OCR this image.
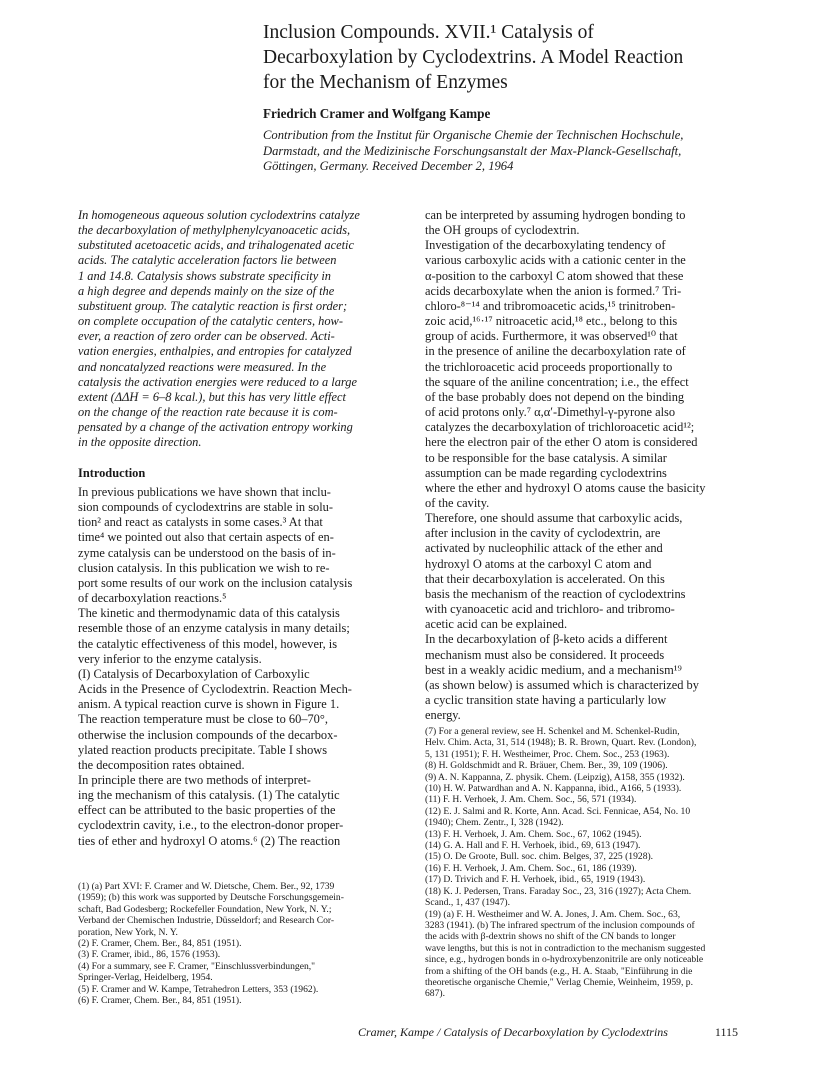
Inclusion Compounds. XVII.¹ Catalysis of
Decarboxylation by Cyclodextrins. A Model Reaction
for the Mechanism of Enzymes
Friedrich Cramer and Wolfgang Kampe
Contribution from the Institut für Organische Chemie der Technischen Hochschule,
Darmstadt, and the Medizinische Forschungsanstalt der Max-Planck-Gesellschaft,
Göttingen, Germany. Received December 2, 1964
In homogeneous aqueous solution cyclodextrins catalyze
the decarboxylation of methylphenylcyanoacetic acids,
substituted acetoacetic acids, and trihalogenated acetic
acids. The catalytic acceleration factors lie between
1 and 14.8. Catalysis shows substrate specificity in
a high degree and depends mainly on the size of the
substituent group. The catalytic reaction is first order;
on complete occupation of the catalytic centers, how-
ever, a reaction of zero order can be observed. Acti-
vation energies, enthalpies, and entropies for catalyzed
and noncatalyzed reactions were measured. In the
catalysis the activation energies were reduced to a large
extent (ΔΔH = 6–8 kcal.), but this has very little effect
on the change of the reaction rate because it is com-
pensated by a change of the activation entropy working
in the opposite direction.
Introduction
In previous publications we have shown that inclu-
sion compounds of cyclodextrins are stable in solu-
tion² and react as catalysts in some cases.³ At that
time⁴ we pointed out also that certain aspects of en-
zyme catalysis can be understood on the basis of in-
clusion catalysis. In this publication we wish to re-
port some results of our work on the inclusion catalysis
of decarboxylation reactions.⁵
The kinetic and thermodynamic data of this catalysis
resemble those of an enzyme catalysis in many details;
the catalytic effectiveness of this model, however, is
very inferior to the enzyme catalysis.
(I) Catalysis of Decarboxylation of Carboxylic
Acids in the Presence of Cyclodextrin. Reaction Mech-
anism. A typical reaction curve is shown in Figure 1.
The reaction temperature must be close to 60–70°,
otherwise the inclusion compounds of the decarbox-
ylated reaction products precipitate. Table I shows
the decomposition rates obtained.
In principle there are two methods of interpret-
ing the mechanism of this catalysis. (1) The catalytic
effect can be attributed to the basic properties of the
cyclodextrin cavity, i.e., to the electron-donor proper-
ties of ether and hydroxyl O atoms.⁶ (2) The reaction
can be interpreted by assuming hydrogen bonding to
the OH groups of cyclodextrin.
Investigation of the decarboxylating tendency of
various carboxylic acids with a cationic center in the
α-position to the carboxyl C atom showed that these
acids decarboxylate when the anion is formed.⁷ Tri-
chloro-⁸⁻¹⁴ and tribromoacetic acids,¹⁵ trinitroben-
zoic acid,¹⁶·¹⁷ nitroacetic acid,¹⁸ etc., belong to this
group of acids. Furthermore, it was observed¹⁰ that
in the presence of aniline the decarboxylation rate of
the trichloroacetic acid proceeds proportionally to
the square of the aniline concentration; i.e., the effect
of the base probably does not depend on the binding
of acid protons only.⁷ α,α′-Dimethyl-γ-pyrone also
catalyzes the decarboxylation of trichloroacetic acid¹²;
here the electron pair of the ether O atom is considered
to be responsible for the base catalysis. A similar
assumption can be made regarding cyclodextrins
where the ether and hydroxyl O atoms cause the basicity
of the cavity.
Therefore, one should assume that carboxylic acids,
after inclusion in the cavity of cyclodextrin, are
activated by nucleophilic attack of the ether and
hydroxyl O atoms at the carboxyl C atom and
that their decarboxylation is accelerated. On this
basis the mechanism of the reaction of cyclodextrins
with cyanoacetic acid and trichloro- and tribromo-
acetic acid can be explained.
In the decarboxylation of β-keto acids a different
mechanism must also be considered. It proceeds
best in a weakly acidic medium, and a mechanism¹⁹
(as shown below) is assumed which is characterized by
a cyclic transition state having a particularly low
energy.
(1) (a) Part XVI: F. Cramer and W. Dietsche, Chem. Ber., 92, 1739
(1959); (b) this work was supported by Deutsche Forschungsgemein-
schaft, Bad Godesberg; Rockefeller Foundation, New York, N. Y.;
Verband der Chemischen Industrie, Düsseldorf; and Research Cor-
poration, New York, N. Y.
(2) F. Cramer, Chem. Ber., 84, 851 (1951).
(3) F. Cramer, ibid., 86, 1576 (1953).
(4) For a summary, see F. Cramer, "Einschlussverbindungen,"
Springer-Verlag, Heidelberg, 1954.
(5) F. Cramer and W. Kampe, Tetrahedron Letters, 353 (1962).
(6) F. Cramer, Chem. Ber., 84, 851 (1951).
(7) For a general review, see H. Schenkel and M. Schenkel-Rudin,
Helv. Chim. Acta, 31, 514 (1948); B. R. Brown, Quart. Rev. (London),
5, 131 (1951); F. H. Westheimer, Proc. Chem. Soc., 253 (1963).
(8) H. Goldschmidt and R. Bräuer, Chem. Ber., 39, 109 (1906).
(9) A. N. Kappanna, Z. physik. Chem. (Leipzig), A158, 355 (1932).
(10) H. W. Patwardhan and A. N. Kappanna, ibid., A166, 5 (1933).
(11) F. H. Verhoek, J. Am. Chem. Soc., 56, 571 (1934).
(12) E. J. Salmi and R. Korte, Ann. Acad. Sci. Fennicae, A54, No. 10
(1940); Chem. Zentr., I, 328 (1942).
(13) F. H. Verhoek, J. Am. Chem. Soc., 67, 1062 (1945).
(14) G. A. Hall and F. H. Verhoek, ibid., 69, 613 (1947).
(15) O. De Groote, Bull. soc. chim. Belges, 37, 225 (1928).
(16) F. H. Verhoek, J. Am. Chem. Soc., 61, 186 (1939).
(17) D. Trivich and F. H. Verhoek, ibid., 65, 1919 (1943).
(18) K. J. Pedersen, Trans. Faraday Soc., 23, 316 (1927); Acta Chem.
Scand., 1, 437 (1947).
(19) (a) F. H. Westheimer and W. A. Jones, J. Am. Chem. Soc., 63,
3283 (1941). (b) The infrared spectrum of the inclusion compounds of
the acids with β-dextrin shows no shift of the CN bands to longer
wave lengths, but this is not in contradiction to the mechanism suggested
since, e.g., hydrogen bonds in o-hydroxybenzonitrile are only noticeable
from a shifting of the OH bands (e.g., H. A. Staab, "Einführung in die
theoretische organische Chemie," Verlag Chemie, Weinheim, 1959, p.
687).
Cramer, Kampe / Catalysis of Decarboxylation by Cyclodextrins	1115
